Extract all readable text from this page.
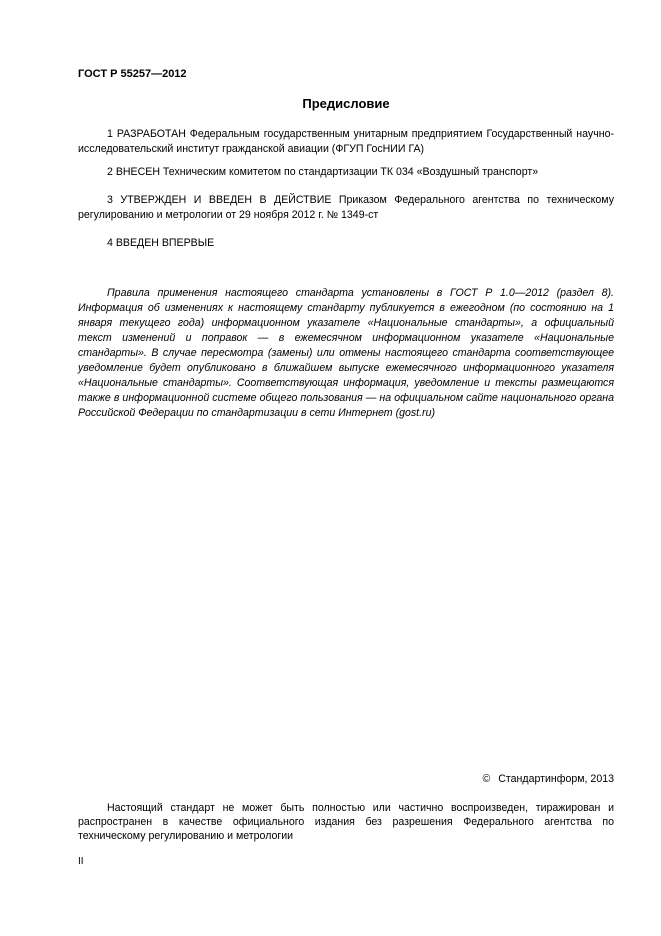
ГОСТ Р 55257—2012
Предисловие

1 РАЗРАБОТАН Федеральным государственным унитарным предприятием Государственный научно-исследовательский институт гражданской авиации (ФГУП ГосНИИ ГА)

2 ВНЕСЕН Техническим комитетом по стандартизации ТК 034 «Воздушный транспорт»

3 УТВЕРЖДЕН И ВВЕДЕН В ДЕЙСТВИЕ Приказом Федерального агентства по техническому регулированию и метрологии от 29 ноября 2012 г. № 1349-ст

4 ВВЕДЕН ВПЕРВЫЕ

Правила применения настоящего стандарта установлены в ГОСТ Р 1.0—2012 (раздел 8). Информация об изменениях к настоящему стандарту публикуется в ежегодном (по состоянию на 1 января текущего года) информационном указателе «Национальные стандарты», а официальный текст изменений и поправок — в ежемесячном информационном указателе «Национальные стандарты». В случае пересмотра (замены) или отмены настоящего стандарта соответствующее уведомление будет опубликовано в ближайшем выпуске ежемесячного информационного указателя «Национальные стандарты». Соответствующая информация, уведомление и тексты размещаются также в информационной системе общего пользования — на официальном сайте национального органа Российской Федерации по стандартизации в сети Интернет (gost.ru)

© Стандартинформ, 2013

Настоящий стандарт не может быть полностью или частично воспроизведен, тиражирован и распространен в качестве официального издания без разрешения Федерального агентства по техническому регулированию и метрологии

II
